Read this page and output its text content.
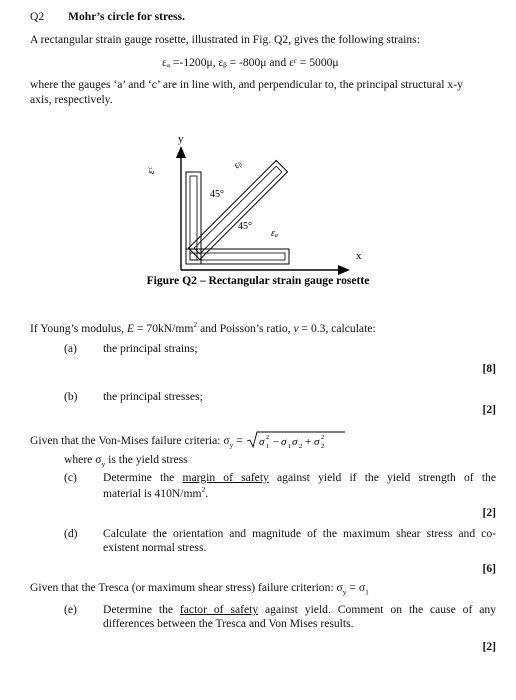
Q2 Mohr’s circle for stress.
A rectangular strain gauge rosette, illustrated in Fig. Q2, gives the following strains:
εₐ =-1200μ, εᵦ = -800μ and εᶜ = 5000μ
where the gauges ‘a’ and ‘c’ are in line with, and perpendicular to, the principal structural x-y
axis, respectively.
y
x
εᶜ	εᵦ
εₐ
45°
45°
Figure Q2 – Rectangular strain gauge rosette
If Young’s modulus, $E = 70kN/mm^2$ and Poisson’s ratio, ν = 0.3, calculate:
(a) the principal strains;
[8]
(b) the principal stresses;
[2]
Given that the Von-Mises failure criteria: $\sigma_y = \sigma$ 1
2 − σ 1 σ 2 + σ 2
2
where $\sigma_y$ is the yield stress
(c) Determine the margin of safety against yield if the yield strength of the
material is $410N/mm^2$.
[2]
(d) Calculate the orientation and magnitude of the maximum shear stress and co-
existent normal stress.
[6]
Given that the Tresca (or maximum shear stress) failure criterion: $\sigma_y = \sigma_1$
(e) Determine the factor of safety against yield. Comment on the cause of any
differences between the Tresca and Von Mises results.
[2]
